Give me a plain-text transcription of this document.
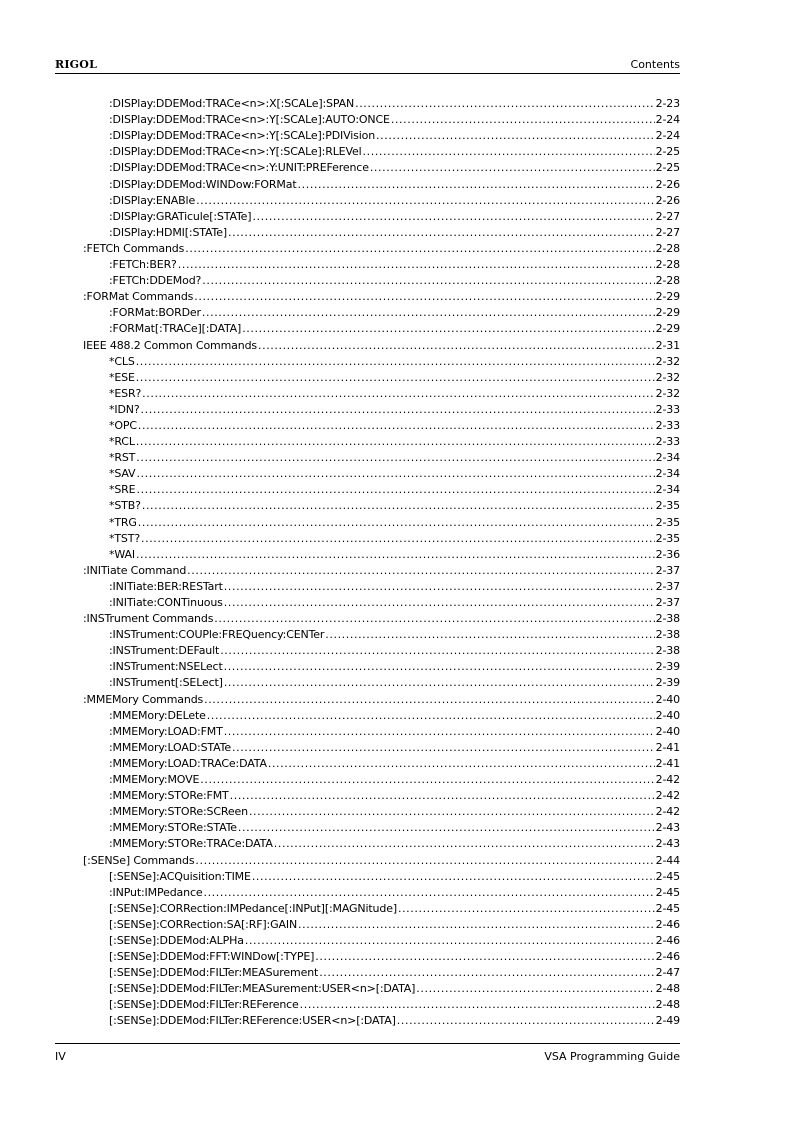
RIGOL	Contents
:DISPlay:DDEMod:TRACe<n>:X[:SCALe]:SPAN .....	2-23
:DISPlay:DDEMod:TRACe<n>:Y[:SCALe]:AUTO:ONCE .....	2-24
:DISPlay:DDEMod:TRACe<n>:Y[:SCALe]:PDIVision .....	2-24
:DISPlay:DDEMod:TRACe<n>:Y[:SCALe]:RLEVel .....	2-25
:DISPlay:DDEMod:TRACe<n>:Y:UNIT:PREFerence .....	2-25
:DISPlay:DDEMod:WINDow:FORMat .....	2-26
:DISPlay:ENABle .....	2-26
:DISPlay:GRATicule[:STATe] .....	2-27
:DISPlay:HDMI[:STATe] .....	2-27
:FETCh Commands .....	2-28
:FETCh:BER? .....	2-28
:FETCh:DDEMod? .....	2-28
:FORMat Commands .....	2-29
:FORMat:BORDer .....	2-29
:FORMat[:TRACe][:DATA] .....	2-29
IEEE 488.2 Common Commands .....	2-31
*CLS .....	2-32
*ESE .....	2-32
*ESR? .....	2-32
*IDN? .....	2-33
*OPC .....	2-33
*RCL .....	2-33
*RST .....	2-34
*SAV .....	2-34
*SRE .....	2-34
*STB? .....	2-35
*TRG .....	2-35
*TST? .....	2-35
*WAI .....	2-36
:INITiate Command .....	2-37
:INITiate:BER:RESTart .....	2-37
:INITiate:CONTinuous .....	2-37
:INSTrument Commands .....	2-38
:INSTrument:COUPle:FREQuency:CENTer .....	2-38
:INSTrument:DEFault .....	2-38
:INSTrument:NSELect .....	2-39
:INSTrument[:SELect] .....	2-39
:MMEMory Commands .....	2-40
:MMEMory:DELete .....	2-40
:MMEMory:LOAD:FMT .....	2-40
:MMEMory:LOAD:STATe .....	2-41
:MMEMory:LOAD:TRACe:DATA .....	2-41
:MMEMory:MOVE .....	2-42
:MMEMory:STORe:FMT .....	2-42
:MMEMory:STORe:SCReen .....	2-42
:MMEMory:STORe:STATe .....	2-43
:MMEMory:STORe:TRACe:DATA .....	2-43
[:SENSe] Commands .....	2-44
[:SENSe]:ACQuisition:TIME .....	2-45
:INPut:IMPedance .....	2-45
[:SENSe]:CORRection:IMPedance[:INPut][:MAGNitude] .....	2-45
[:SENSe]:CORRection:SA[:RF]:GAIN .....	2-46
[:SENSe]:DDEMod:ALPHa .....	2-46
[:SENSe]:DDEMod:FFT:WINDow[:TYPE] .....	2-46
[:SENSe]:DDEMod:FILTer:MEASurement .....	2-47
[:SENSe]:DDEMod:FILTer:MEASurement:USER<n>[:DATA] .....	2-48
[:SENSe]:DDEMod:FILTer:REFerence .....	2-48
[:SENSe]:DDEMod:FILTer:REFerence:USER<n>[:DATA] .....	2-49
IV	VSA Programming Guide
